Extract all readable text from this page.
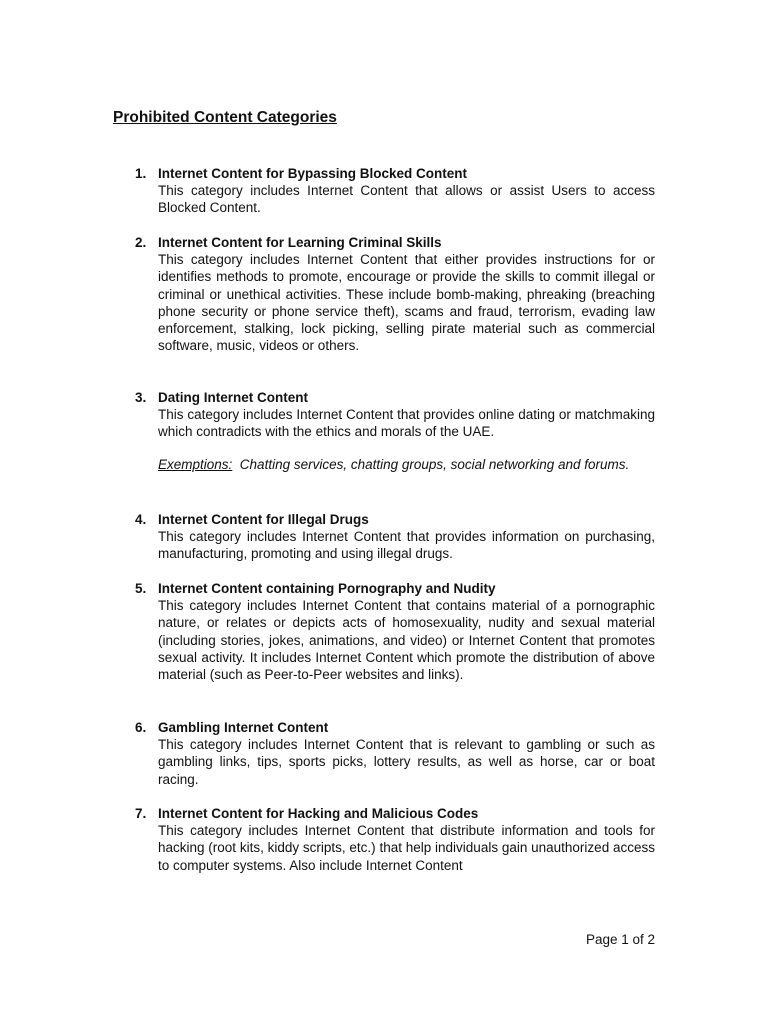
Prohibited Content Categories
1. Internet Content for Bypassing Blocked Content

This category includes Internet Content that allows or assist Users to access Blocked Content.

2. Internet Content for Learning Criminal Skills

This category includes Internet Content that either provides instructions for or identifies methods to promote, encourage or provide the skills to commit illegal or criminal or unethical activities. These include bomb-making, phreaking (breaching phone security or phone service theft), scams and fraud, terrorism, evading law enforcement, stalking, lock picking, selling pirate material such as commercial software, music, videos or others.

3. Dating Internet Content

This category includes Internet Content that provides online dating or matchmaking which contradicts with the ethics and morals of the UAE.

Exemptions:  Chatting services, chatting groups, social networking and forums.

4. Internet Content for Illegal Drugs

This category includes Internet Content that provides information on purchasing, manufacturing, promoting and using illegal drugs.

5. Internet Content containing Pornography and Nudity

This category includes Internet Content that contains material of a pornographic nature, or relates or depicts acts of homosexuality, nudity and sexual material (including stories, jokes, animations, and video) or Internet Content that promotes sexual activity. It includes Internet Content which promote the distribution of above material (such as Peer-to-Peer websites and links).

6. Gambling Internet Content

This category includes Internet Content that is relevant to gambling or such as gambling links, tips, sports picks, lottery results, as well as horse, car or boat racing.

7. Internet Content for Hacking and Malicious Codes

This category includes Internet Content that distribute information and tools for hacking (root kits, kiddy scripts, etc.) that help individuals gain unauthorized access to computer systems. Also include Internet Content

Page 1 of 2
